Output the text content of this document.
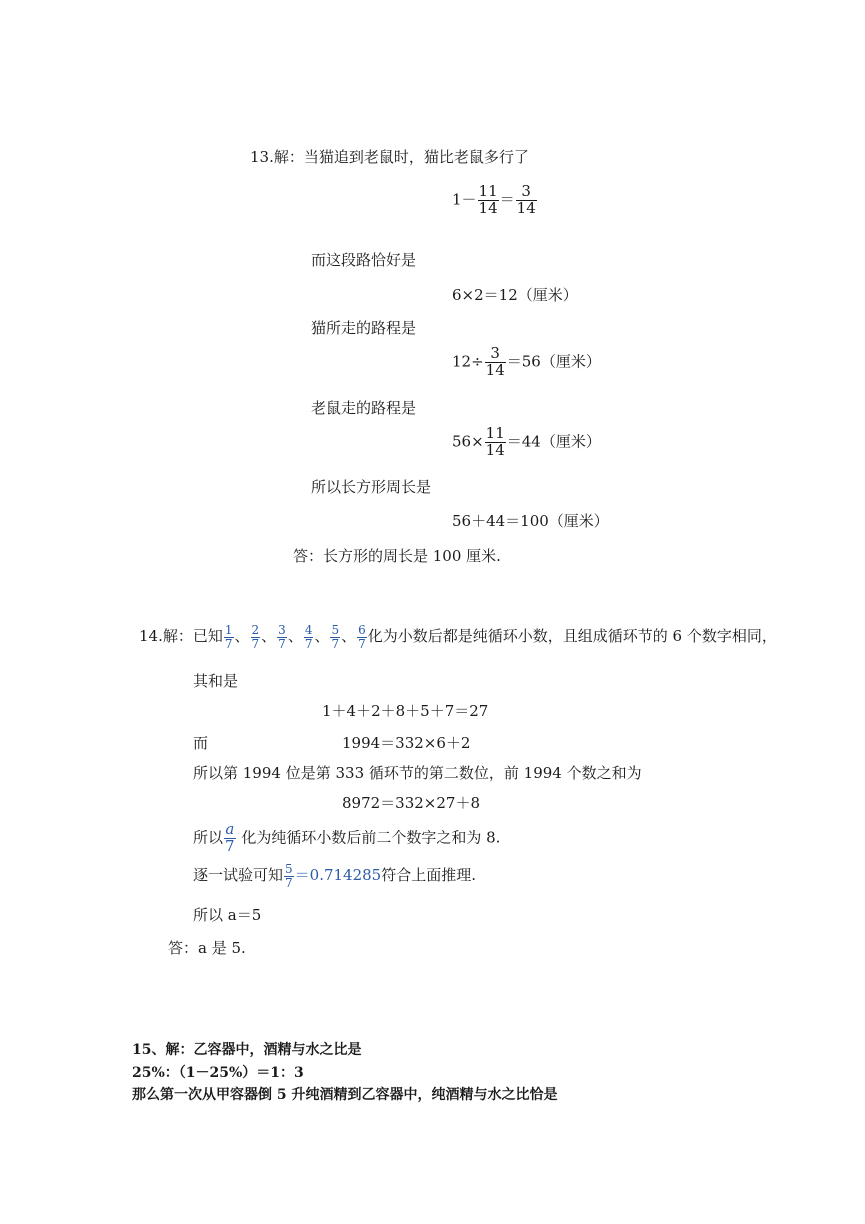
13.解：当猫追到老鼠时，猫比老鼠多行了
$1- \frac{11}{14} = \frac{3}{14}$
而这段路恰好是
6×2＝12（厘米）
猫所走的路程是
$12\div \frac{3}{14} =56$（厘米）
老鼠走的路程是
$56\times \frac{11}{14} =44$（厘米）
所以长方形周长是
56＋44＝100（厘米）
答：长方形的周长是 100 厘米.
14.解：已知 $\frac{1}{7}$ 、 $\frac{2}{7}$ 、 $\frac{3}{7}$ 、 $\frac{4}{7}$ 、 $\frac{5}{7}$ 、 $\frac{6}{7}$ 化为小数后都是纯循环小数，且组成循环节的 6 个数字相同，
其和是
1＋4＋2＋8＋5＋7＝27
而	1994＝332×6＋2
所以第 1994 位是第 333 循环节的第二数位，前 1994 个数之和为
8972＝332×27＋8
所以 $\frac{a}{7}$ 化为纯循环小数后前二个数字之和为 8.
逐一试验可知 $\frac{5}{7} =0.714285$符合上面推理.
所以 a＝5
答：a 是 5.
15、解：乙容器中，酒精与水之比是
25%：（1－25%）＝1：3
那么第一次从甲容器倒 5 升纯酒精到乙容器中，纯酒精与水之比恰是
